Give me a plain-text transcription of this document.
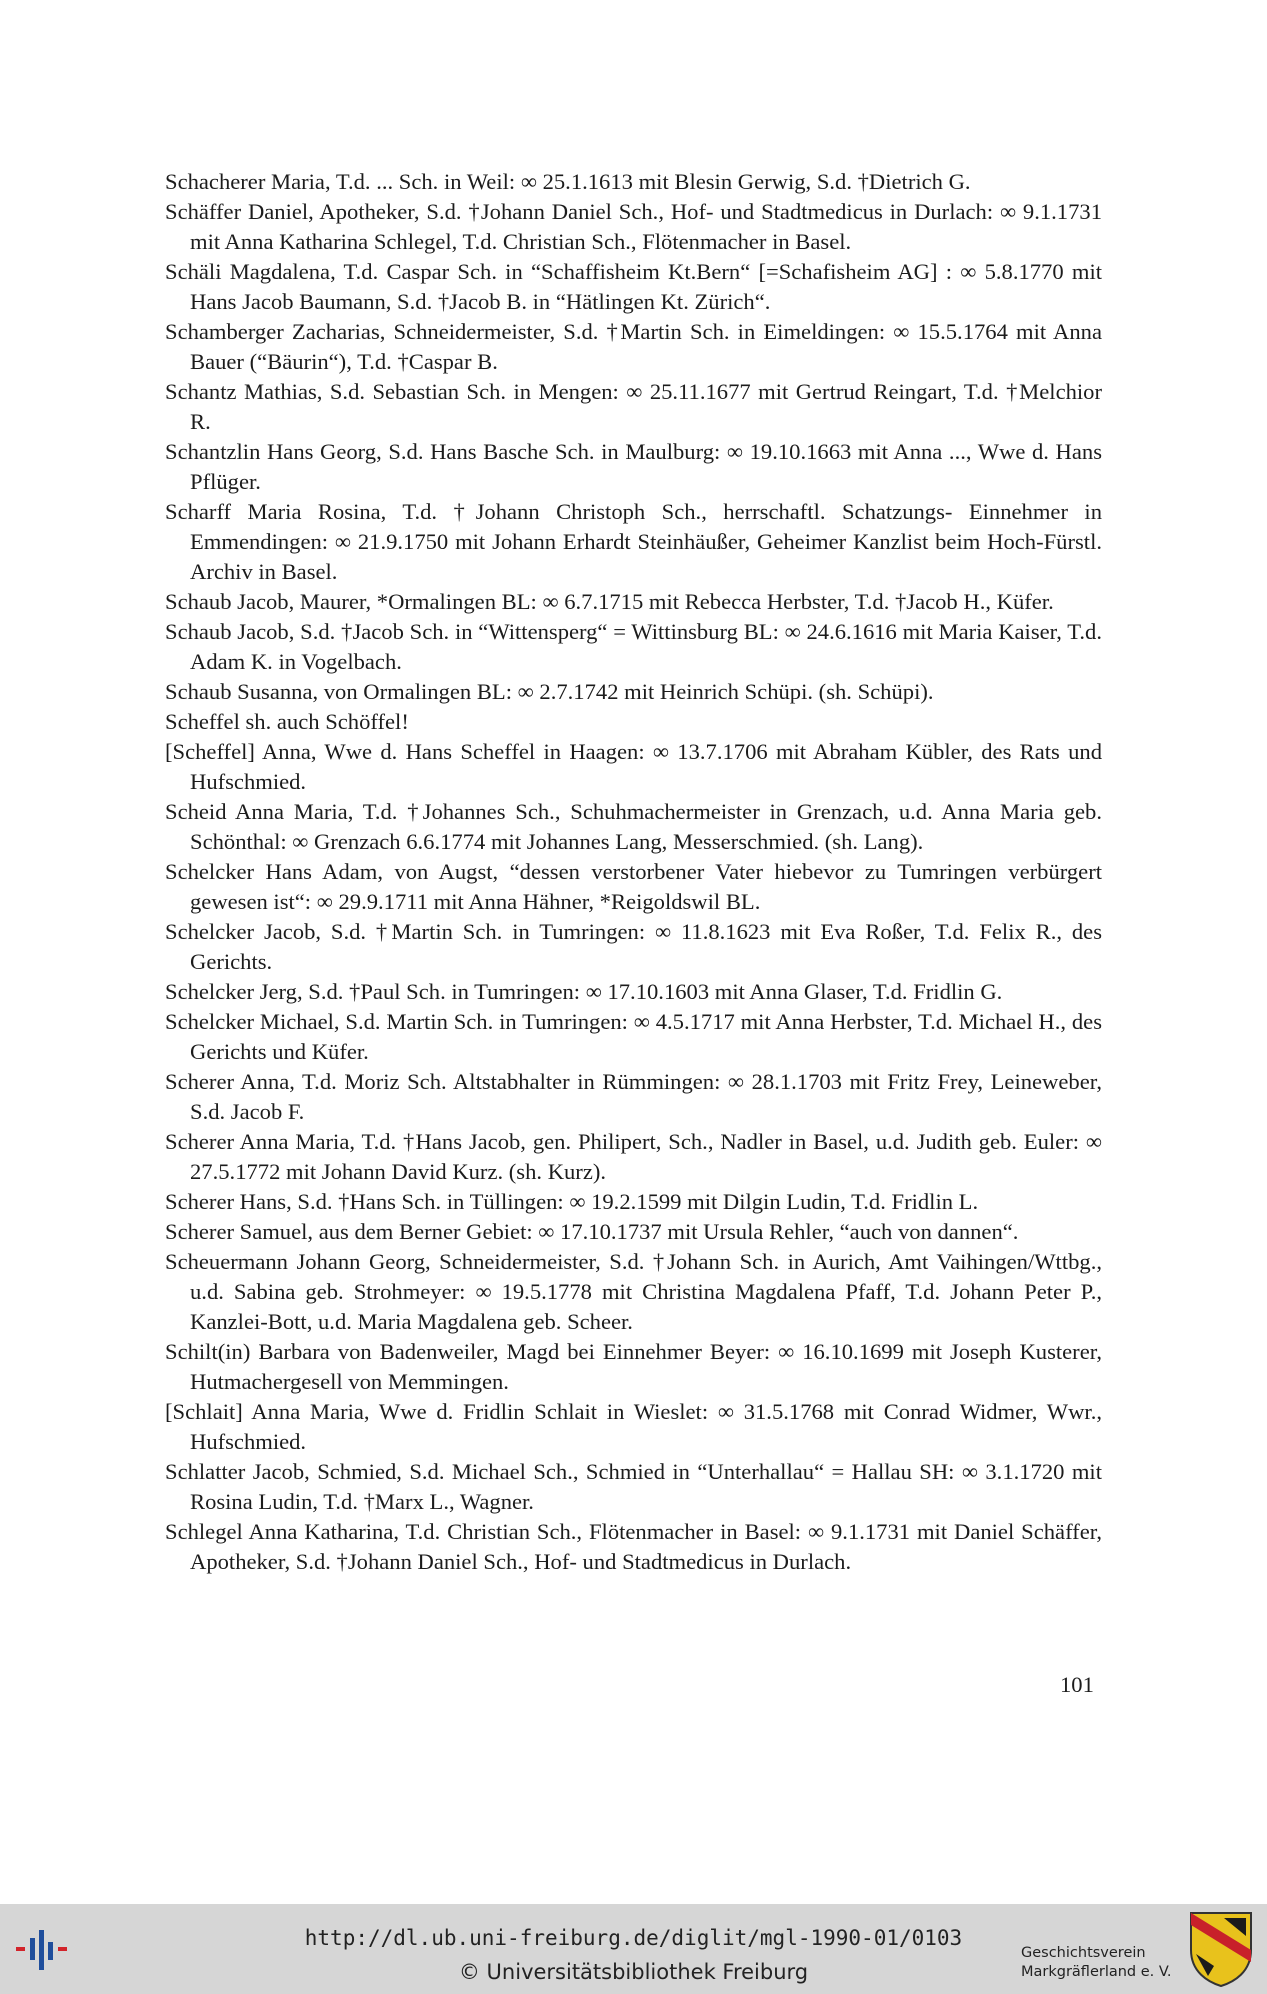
Schacherer Maria, T.d. ... Sch. in Weil: ∞ 25.1.1613 mit Blesin Gerwig, S.d. †Dietrich G.

Schäffer Daniel, Apotheker, S.d. †Johann Daniel Sch., Hof- und Stadtmedicus in Durlach: ∞ 9.1.1731 mit Anna Katharina Schlegel, T.d. Christian Sch., Flötenmacher in Basel.

Schäli Magdalena, T.d. Caspar Sch. in “Schaffisheim Kt.Bern“ [=Schafisheim AG] : ∞ 5.8.1770 mit Hans Jacob Baumann, S.d. †Jacob B. in “Hätlingen Kt. Zürich“.

Schamberger Zacharias, Schneidermeister, S.d. †Martin Sch. in Eimeldingen: ∞ 15.5.1764 mit Anna Bauer (“Bäurin“), T.d. †Caspar B.

Schantz Mathias, S.d. Sebastian Sch. in Mengen: ∞ 25.11.1677 mit Gertrud Reingart, T.d. †Melchior R.

Schantzlin Hans Georg, S.d. Hans Basche Sch. in Maulburg: ∞ 19.10.1663 mit Anna ..., Wwe d. Hans Pflüger.

Scharff Maria Rosina, T.d. †Johann Christoph Sch., herrschaftl. Schatzungs- Einnehmer in Emmendingen: ∞ 21.9.1750 mit Johann Erhardt Steinhäußer, Geheimer Kanzlist beim Hoch-Fürstl. Archiv in Basel.

Schaub Jacob, Maurer, *Ormalingen BL: ∞ 6.7.1715 mit Rebecca Herbster, T.d. †Jacob H., Küfer.

Schaub Jacob, S.d. †Jacob Sch. in “Wittensperg“ = Wittinsburg BL: ∞ 24.6.1616 mit Maria Kaiser, T.d. Adam K. in Vogelbach.

Schaub Susanna, von Ormalingen BL: ∞ 2.7.1742 mit Heinrich Schüpi. (sh. Schüpi).

Scheffel sh. auch Schöffel!

[Scheffel] Anna, Wwe d. Hans Scheffel in Haagen: ∞ 13.7.1706 mit Abraham Kübler, des Rats und Hufschmied.

Scheid Anna Maria, T.d. †Johannes Sch., Schuhmachermeister in Grenzach, u.d. Anna Maria geb. Schönthal: ∞ Grenzach 6.6.1774 mit Johannes Lang, Messerschmied. (sh. Lang).

Schelcker Hans Adam, von Augst, “dessen verstorbener Vater hiebevor zu Tumringen verbürgert gewesen ist“: ∞ 29.9.1711 mit Anna Hähner, *Reigoldswil BL.

Schelcker Jacob, S.d. †Martin Sch. in Tumringen: ∞ 11.8.1623 mit Eva Roßer, T.d. Felix R., des Gerichts.

Schelcker Jerg, S.d. †Paul Sch. in Tumringen: ∞ 17.10.1603 mit Anna Glaser, T.d. Fridlin G.

Schelcker Michael, S.d. Martin Sch. in Tumringen: ∞ 4.5.1717 mit Anna Herbster, T.d. Michael H., des Gerichts und Küfer.

Scherer Anna, T.d. Moriz Sch. Altstabhalter in Rümmingen: ∞ 28.1.1703 mit Fritz Frey, Leineweber, S.d. Jacob F.

Scherer Anna Maria, T.d. †Hans Jacob, gen. Philipert, Sch., Nadler in Basel, u.d. Judith geb. Euler: ∞ 27.5.1772 mit Johann David Kurz. (sh. Kurz).

Scherer Hans, S.d. †Hans Sch. in Tüllingen: ∞ 19.2.1599 mit Dilgin Ludin, T.d. Fridlin L.

Scherer Samuel, aus dem Berner Gebiet: ∞ 17.10.1737 mit Ursula Rehler, “auch von dannen“.

Scheuermann Johann Georg, Schneidermeister, S.d. †Johann Sch. in Aurich, Amt Vaihingen/Wttbg., u.d. Sabina geb. Strohmeyer: ∞ 19.5.1778 mit Christina Magdalena Pfaff, T.d. Johann Peter P., Kanzlei-Bott, u.d. Maria Magdalena geb. Scheer.

Schilt(in) Barbara von Badenweiler, Magd bei Einnehmer Beyer: ∞ 16.10.1699 mit Joseph Kusterer, Hutmachergesell von Memmingen.

[Schlait] Anna Maria, Wwe d. Fridlin Schlait in Wieslet: ∞ 31.5.1768 mit Conrad Widmer, Wwr., Hufschmied.

Schlatter Jacob, Schmied, S.d. Michael Sch., Schmied in “Unterhallau“ = Hallau SH: ∞ 3.1.1720 mit Rosina Ludin, T.d. †Marx L., Wagner.

Schlegel Anna Katharina, T.d. Christian Sch., Flötenmacher in Basel: ∞ 9.1.1731 mit Daniel Schäffer, Apotheker, S.d. †Johann Daniel Sch., Hof- und Stadtmedicus in Durlach.

101
http://dl.ub.uni-freiburg.de/diglit/mgl-1990-01/0103
© Universitätsbibliothek Freiburg
Geschichtsverein
Markgräflerland e. V.
